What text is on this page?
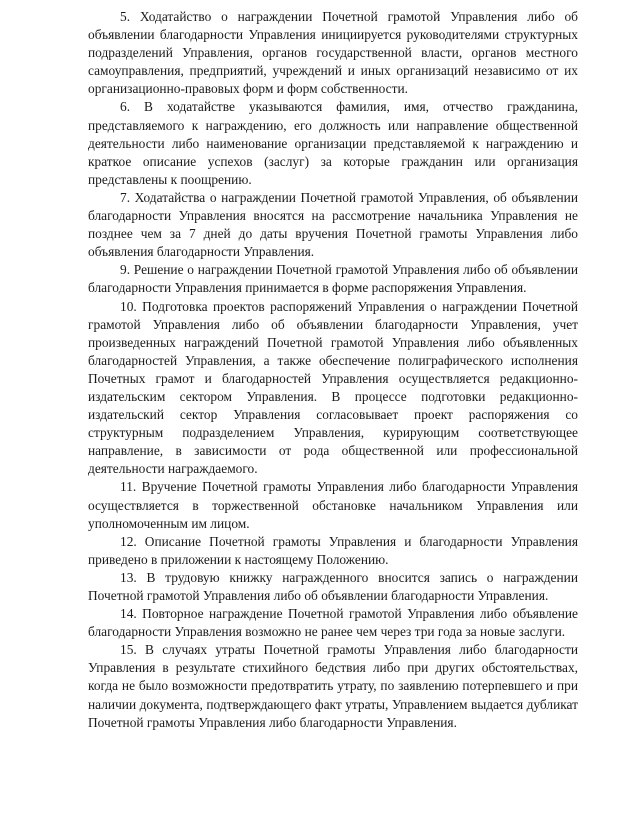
5. Ходатайство о награждении Почетной грамотой Управления либо об объявлении благодарности Управления инициируется руководителями структурных подразделений Управления, органов государственной власти, органов местного самоуправления, предприятий, учреждений и иных организаций независимо от их организационно-правовых форм и форм собственности.

6. В ходатайстве указываются фамилия, имя, отчество гражданина, представляемого к награждению, его должность или направление общественной деятельности либо наименование организации представляемой к награждению и краткое описание успехов (заслуг) за которые гражданин или организация представлены к поощрению.

7. Ходатайства о награждении Почетной грамотой Управления, об объявлении благодарности Управления вносятся на рассмотрение начальника Управления не позднее чем за 7 дней до даты вручения Почетной грамоты Управления либо объявления благодарности Управления.

9. Решение о награждении Почетной грамотой Управления либо об объявлении благодарности Управления принимается в форме распоряжения Управления.

10. Подготовка проектов распоряжений Управления о награждении Почетной грамотой Управления либо об объявлении благодарности Управления, учет произведенных награждений Почетной грамотой Управления либо объявленных благодарностей Управления, а также обеспечение полиграфического исполнения Почетных грамот и благодарностей Управления осуществляется редакционно-издательским сектором Управления. В процессе подготовки редакционно-издательский сектор Управления согласовывает проект распоряжения со структурным подразделением Управления, курирующим соответствующее направление, в зависимости от рода общественной или профессиональной деятельности награждаемого.

11. Вручение Почетной грамоты Управления либо благодарности Управления осуществляется в торжественной обстановке начальником Управления или уполномоченным им лицом.

12. Описание Почетной грамоты Управления и благодарности Управления приведено в приложении к настоящему Положению.

13. В трудовую книжку награжденного вносится запись о награждении Почетной грамотой Управления либо об объявлении благодарности Управления.

14. Повторное награждение Почетной грамотой Управления либо объявление благодарности Управления возможно не ранее чем через три года за новые заслуги.

15. В случаях утраты Почетной грамоты Управления либо благодарности Управления в результате стихийного бедствия либо при других обстоятельствах, когда не было возможности предотвратить утрату, по заявлению потерпевшего и при наличии документа, подтверждающего факт утраты, Управлением выдается дубликат Почетной грамоты Управления либо благодарности Управления.
